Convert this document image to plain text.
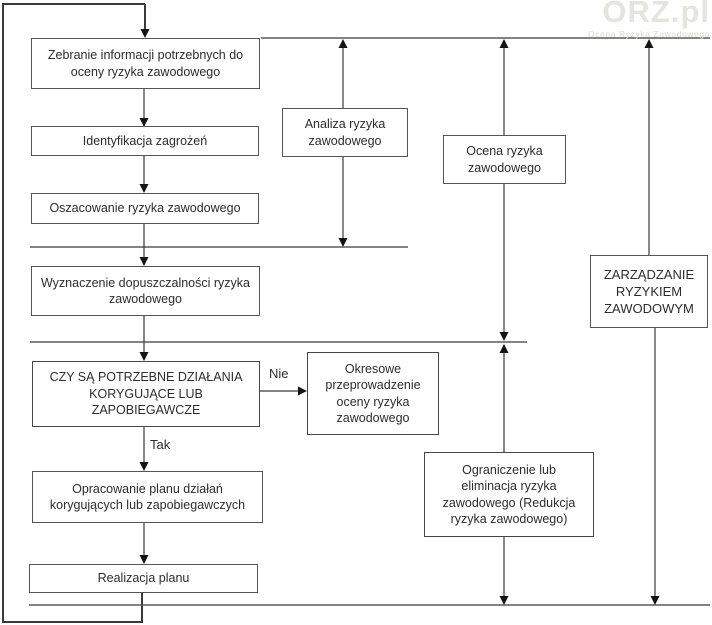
ORZ.pl
Ocena Ryzyka Zawodowego
Zebranie informacji potrzebnych do oceny ryzyka zawodowego
Identyfikacja zagrożeń
Oszacowanie ryzyka zawodowego
Wyznaczenie dopuszczalności ryzyka zawodowego
CZY SĄ POTRZEBNE DZIAŁANIA KORYGUJĄCE LUB ZAPOBIEGAWCZE
Opracowanie planu działań korygujących lub zapobiegawczych
Realizacja planu
Analiza ryzyka zawodowego
Ocena ryzyka zawodowego
Okresowe przeprowadzenie oceny ryzyka zawodowego
Ograniczenie lub eliminacja ryzyka zawodowego (Redukcja ryzyka zawodowego)
ZARZĄDZANIE RYZYKIEM ZAWODOWYM
Nie
Tak
